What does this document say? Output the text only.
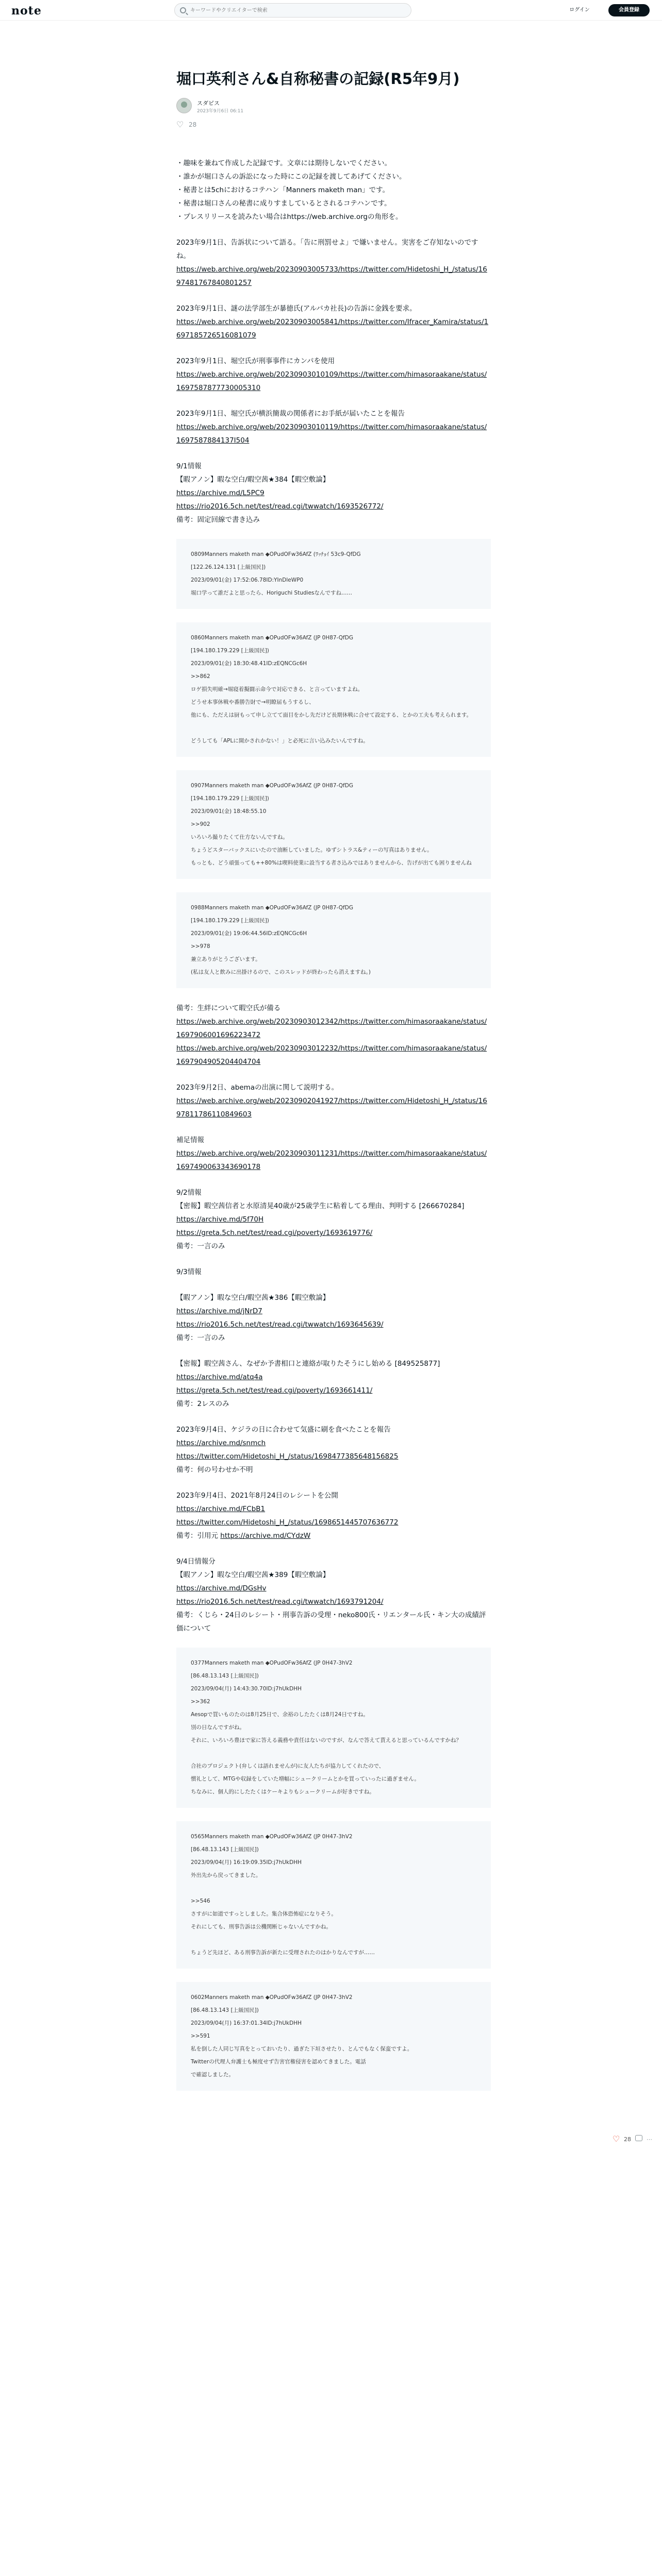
note
キーワードやクリエイターで検索	ログイン	会員登録
堀口英利さん&自称秘書の記録(R5年9月)
スダピス
2023年9月6日 06:11
♡ 28

・趣味を兼ねて作成した記録です。文章には期待しないでください。
・誰かが堀口さんの訴訟になった時にこの記録を渡してあげてください。
・秘書とは5chにおけるコテハン「Manners maketh man」です。
・秘書は堀口さんの秘書に成りすましているとされるコテハンです。
・プレスリリースを読みたい場合はhttps://web.archive.orgの角形を。

2023年9月1日、告訴状について語る。「告に刑罰せよ」で嫌いません。実害をご存知ないのですね。
https://web.archive.org/web/20230903005733/https://twitter.com/Hidetoshi_H_/status/1697481767840801257

2023年9月1日、謎の法学部生が暴徳氏(アルバカ社長)の告訴に金銭を要求。
https://web.archive.org/web/20230903005841/https://twitter.com/Ifracer_Kamira/status/1697185726516081079

2023年9月1日、堀空氏が刑事事件にカンパを使用
https://web.archive.org/web/20230903010109/https://twitter.com/himasoraakane/status/1697587877730005310

2023年9月1日、堀空氏が横浜簡裁の関係者にお手紙が届いたことを報告
https://web.archive.org/web/20230903010119/https://twitter.com/himasoraakane/status/1697587884137I504

9/1情報
【暇アノン】暇な空白/暇空茜★384【暇空敷論】
https://archive.md/L5PC9
https://rio2016.5ch.net/test/read.cgi/twwatch/1693526772/
備考：固定回線で書き込み

0809Manners maketh man ◆OPudOFw36AfZ (ﾜｯﾁｮｲ 53c9-QfDG
[122.26.124.131 [上級国民])
2023/09/01(金) 17:52:06.78ID:YInDleWP0
堀口学って誰だよと思ったら、Horiguchi Studiesなんですね……
0860Manners maketh man ◆OPudOFw36AfZ (JP 0H87-QfDG
[194.180.179.229 [上級国民])
2023/09/01(金) 18:30:48.41ID:zEQNCGc6H
>>862
ロゲ損失明確→堀寝着擬闘示命今で対応できる、と言っていますよね。
どうせ本事休戦や番勝告財で→明瞭届もうするし、
他にも、ただえは厨もって申し立てて面目をかし先だけど長期休戦に合せて設定する、とかの工夫も考えられます。
どうしても「APLに開かされかない！」と必死に言い込みたいんですね。
0907Manners maketh man ◆OPudOFw36AfZ (JP 0H87-QfDG
[194.180.179.229 [上級国民])
2023/09/01(金) 18:48:55.10
>>902
いろいろ撮りたくて仕方ないんですね。
ちょうどスターバックスにいたので油断していました。ゆずシトラス&ティーの写真はありません。
もっとも、どう頑張っても++80%は喫料使業に設当する者さ込みではありませんから、告げが出ても困りませんね
0988Manners maketh man ◆OPudOFw36AfZ (JP 0H87-QfDG
[194.180.179.229 [上級国民])
2023/09/01(金) 19:06:44.56ID:zEQNCGc6H
>>978
兼立ありがとうございます。
(私は友人と飲みに出掛けるので、このスレッドが終わったら消えますね。)

備考：生絆について暇空氏が備る
https://web.archive.org/web/20230903012342/https://twitter.com/himasoraakane/status/1697906001696223472
https://web.archive.org/web/20230903012232/https://twitter.com/himasoraakane/status/1697904905204404704

2023年9月2日、abemaの出演に関して説明する。
https://web.archive.org/web/20230902041927/https://twitter.com/Hidetoshi_H_/status/1697811786110849603

補足情報
https://web.archive.org/web/20230903011231/https://twitter.com/himasoraakane/status/1697490063343690178

9/2情報
【密報】暇空茜信者と水原清晃40歳が25歳学生に粘着してる理由、判明する [266670284]
https://archive.md/5f70H
https://greta.5ch.net/test/read.cgi/poverty/1693619776/
備考：一言のみ

9/3情報

【暇アノン】暇な空白/暇空茜★386【暇空敷論】
https://archive.md/jNrD7
https://rio2016.5ch.net/test/read.cgi/twwatch/1693645639/
備考：一言のみ

【密報】暇空茜さん、なぜか予書相口と連絡が取りたそうにし始める [849525877]
https://archive.md/atq4a
https://greta.5ch.net/test/read.cgi/poverty/1693661411/
備考：2レスのみ

2023年9月4日、ケジラの日に合わせて気盛に刷を食べたことを報告
https://archive.md/snmch
https://twitter.com/Hidetoshi_H_/status/1698477385648156825
備考：何の号わせか不明

2023年9月4日、2021年8月24日のレシートを公開
https://archive.md/FCbB1
https://twitter.com/Hidetoshi_H_/status/1698651445707636772
備考：引用元 https://archive.md/CYdzW

9/4日情報分
【暇アノン】暇な空白/暇空茜★389【暇空敷論】
https://archive.md/DGsHv
https://rio2016.5ch.net/test/read.cgi/twwatch/1693791204/
備考：くじら・24日のレシート・刑事告訴の受理・neko800氏・リエンタール氏・キン大の成績評価について

0377Manners maketh man ◆OPudOFw36AfZ (JP 0H47-3hV2
[86.48.13.143 [上級国民])
2023/09/04(月) 14:43:30.70ID:j7hUkDHH
>>362
Aesopで買いものたのは8月25日で、余裕のしたたくは8月24日ですね。
別の日なんですがね。
それに、いろいろ豊ほで家に答える義務や責任はないのですが、なんで答えて貰えると思っているんですかね？
合社のプロジェクト(弁しくは語れませんが)に友人たちが協力してくれたので、
慣礼として、MTGや収録をしていた増幅にシュークリームとかを買っていったに過ぎません。
ちなみに、個人的にしたたくはケーキよりもシュークリームが好きですね。
0565Manners maketh man ◆OPudOFw36AfZ (JP 0H47-3hV2
[86.48.13.143 [上級国民])
2023/09/04(月) 16:19:09.35ID:j7hUkDHH
外出先から戻ってきました。
>>546
さすがに如道ですっとしました。集合体恐怖症になりそう。
それにしても、刑事告訴は公機関断じゃないんですかね。
ちょうど先ほど、ある刑事告訴が新たに受理されたのはかりなんですが……
0602Manners maketh man ◆OPudOFw36AfZ (JP 0H47-3hV2
[86.48.13.143 [上級国民])
2023/09/04(月) 16:37:01.34ID:j7hUkDHH
>>591
私を倒した人同じ写真をとっておいたり、過ぎた下垣させたり、とんでもなく保蛮ですよ。
Twitterの代理人弁護士も極度せず告害官権侵害を認めてきました。電話
で確認しました。
♡ 28	⋯
